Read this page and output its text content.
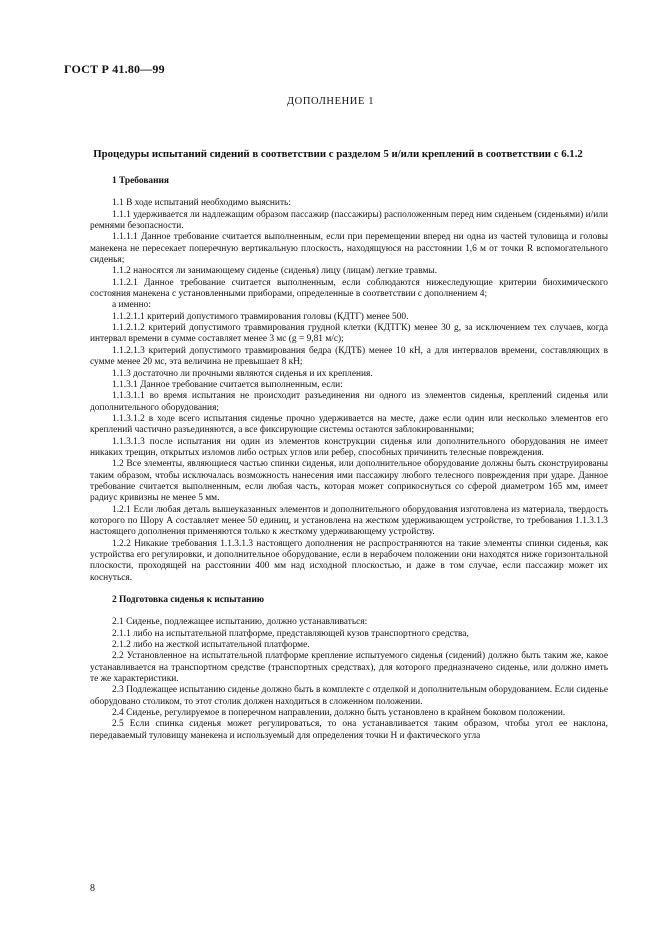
ГОСТ Р 41.80—99
ДОПОЛНЕНИЕ 1
Процедуры испытаний сидений в соответствии с разделом 5 и/или креплений в соответствии с 6.1.2
1 Требования

1.1 В ходе испытаний необходимо выяснить:

1.1.1 удерживается ли надлежащим образом пассажир (пассажиры) расположенным перед ним сиденьем (сиденьями) и/или ремнями безопасности.

1.1.1.1 Данное требование считается выполненным, если при перемещении вперед ни одна из частей туловища и головы манекена не пересекает поперечную вертикальную плоскость, находящуюся на расстоянии 1,6 м от точки R вспомогательного сиденья;

1.1.2 наносятся ли занимающему сиденье (сиденья) лицу (лицам) легкие травмы.

1.1.2.1 Данное требование считается выполненным, если соблюдаются нижеследующие критерии биохимического состояния манекена с установленными приборами, определенные в соответствии с дополнением 4;

а именно:

1.1.2.1.1 критерий допустимого травмирования головы (КДТГ) менее 500.

1.1.2.1.2 критерий допустимого травмирования грудной клетки (КДТГК) менее 30 g, за исключением тех случаев, когда интервал времени в сумме составляет менее 3 мс (g = 9,81 м/с);

1.1.2.1.3 критерий допустимого травмирования бедра (КДТБ) менее 10 кН, а для интервалов времени, составляющих в сумме менее 20 мс, эта величина не превышает 8 кН;

1.1.3 достаточно ли прочными являются сиденья и их крепления.

1.1.3.1 Данное требование считается выполненным, если:

1.1.3.1.1 во время испытания не происходит разъединения ни одного из элементов сиденья, креплений сиденья или дополнительного оборудования;

1.1.3.1.2 в ходе всего испытания сиденье прочно удерживается на месте, даже если один или несколько элементов его креплений частично разъединяются, а все фиксирующие системы остаются заблокированными;

1.1.3.1.3 после испытания ни один из элементов конструкции сиденья или дополнительного оборудования не имеет никаких трещин, открытых изломов либо острых углов или ребер, способных причинить телесные повреждения.

1.2 Все элементы, являющиеся частью спинки сиденья, или дополнительное оборудование должны быть сконструированы таким образом, чтобы исключалась возможность нанесения ими пассажиру любого телесного повреждения при ударе. Данное требование считается выполненным, если любая часть, которая может соприкоснуться со сферой диаметром 165 мм, имеет радиус кривизны не менее 5 мм.

1.2.1 Если любая деталь вышеуказанных элементов и дополнительного оборудования изготовлена из материала, твердость которого по Шору А составляет менее 50 единиц, и установлена на жестком удерживающем устройстве, то требования 1.1.3.1.3 настоящего дополнения применяются только к жесткому удерживающему устройству.

1.2.2 Никакие требования 1.1.3.1.3 настоящего дополнения не распространяются на такие элементы спинки сиденья, как устройства его регулировки, и дополнительное оборудование, если в нерабочем положении они находятся ниже горизонтальной плоскости, проходящей на расстоянии 400 мм над исходной плоскостью, и даже в том случае, если пассажир может их коснуться.

2 Подготовка сиденья к испытанию

2.1 Сиденье, подлежащее испытанию, должно устанавливаться:

2.1.1 либо на испытательной платформе, представляющей кузов транспортного средства,

2.1.2 либо на жесткой испытательной платформе.

2.2 Установленное на испытательной платформе крепление испытуемого сиденья (сидений) должно быть таким же, какое устанавливается на транспортном средстве (транспортных средствах), для которого предназначено сиденье, или должно иметь те же характеристики.

2.3 Подлежащее испытанию сиденье должно быть в комплекте с отделкой и дополнительным оборудованием. Если сиденье оборудовано столиком, то этот столик должен находиться в сложенном положении.

2.4 Сиденье, регулируемое в поперечном направлении, должно быть установлено в крайнем боковом положении.

2.5 Если спинка сиденья может регулироваться, то она устанавливается таким образом, чтобы угол ее наклона, передаваемый туловищу манекена и используемый для определения точки H и фактического угла

8
